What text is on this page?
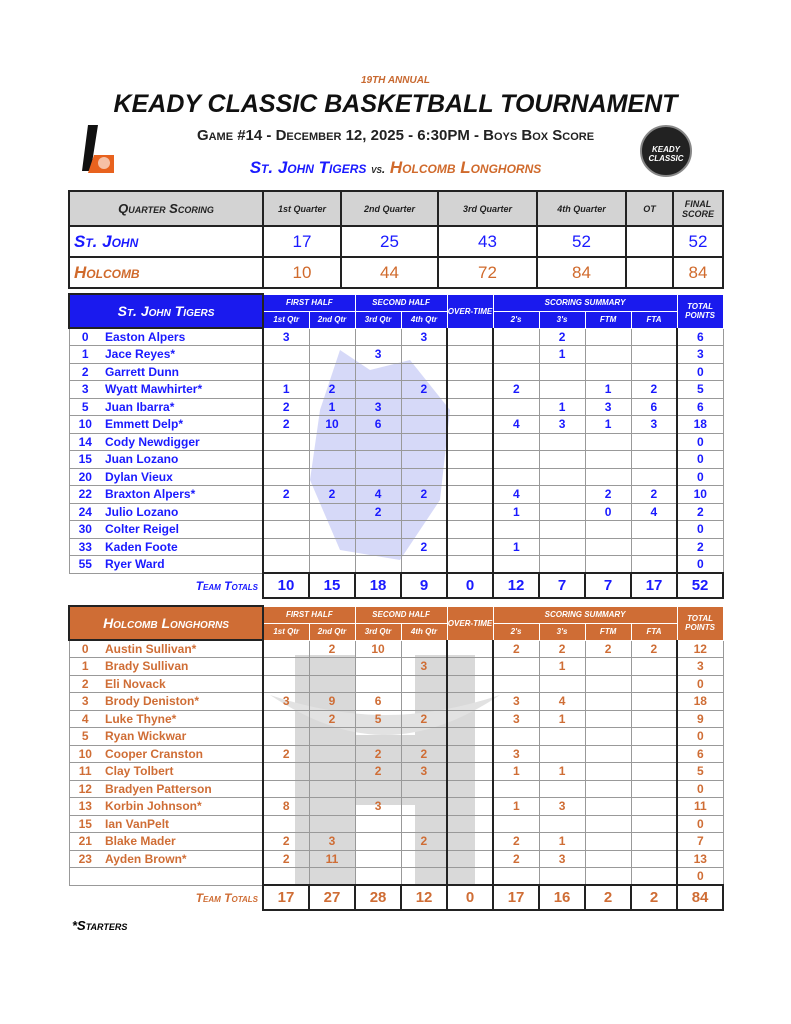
19TH ANNUAL
KEADY CLASSIC BASKETBALL TOURNAMENT
Game #14 - December 12, 2025 - 6:30PM - Boys Box Score
St. John Tigers vs. Holcomb Longhorns
KEADY CLASSIC
Quarter Scoring	1st Quarter	2nd Quarter	3rd Quarter	4th Quarter	OT	FINAL SCORE
St. John	17	25	43	52		52
Holcomb	10	44	72	84		84
St. John Tigers		FIRST HALF		SECOND HALF		OVER-TIME	SCORING SUMMARY				TOTAL POINTS
		1st Qtr	2nd Qtr	3rd Qtr	4th Qtr		2's	3's	FTM	FTA	
0	Easton Alpers	3			3			2			6
1	Jace Reyes*			3				1			3
2	Garrett Dunn										0
3	Wyatt Mawhirter*	1	2		2		2		1	2	5
5	Juan Ibarra*	2	1	3				1	3	6	6
10	Emmett Delp*	2	10	6			4	3	1	3	18
14	Cody Newdigger										0
15	Juan Lozano										0
20	Dylan Vieux										0
22	Braxton Alpers*	2	2	4	2		4		2	2	10
24	Julio Lozano			2			1		0	4	2
30	Colter Reigel										0
33	Kaden Foote				2		1				2
55	Ryer Ward										0
Team Totals		10	15	18	9	0	12	7	7	17	52
Holcomb Longhorns		FIRST HALF		SECOND HALF		OVER-TIME	SCORING SUMMARY				TOTAL POINTS
		1st Qtr	2nd Qtr	3rd Qtr	4th Qtr		2's	3's	FTM	FTA	
0	Austin Sullivan*		2	10			2	2	2	2	12
1	Brady Sullivan				3			1			3
2	Eli Novack										0
3	Brody Deniston*	3	9	6			3	4			18
4	Luke Thyne*		2	5	2		3	1			9
5	Ryan Wickwar										0
10	Cooper Cranston	2		2	2		3				6
11	Clay Tolbert			2	3		1	1			5
12	Bradyen Patterson										0
13	Korbin Johnson*	8		3			1	3			11
15	Ian VanPelt										0
21	Blake Mader	2	3		2		2	1			7
23	Ayden Brown*	2	11				2	3			13
											0
Team Totals		17	27	28	12	0	17	16	2	2	84
*Starters
